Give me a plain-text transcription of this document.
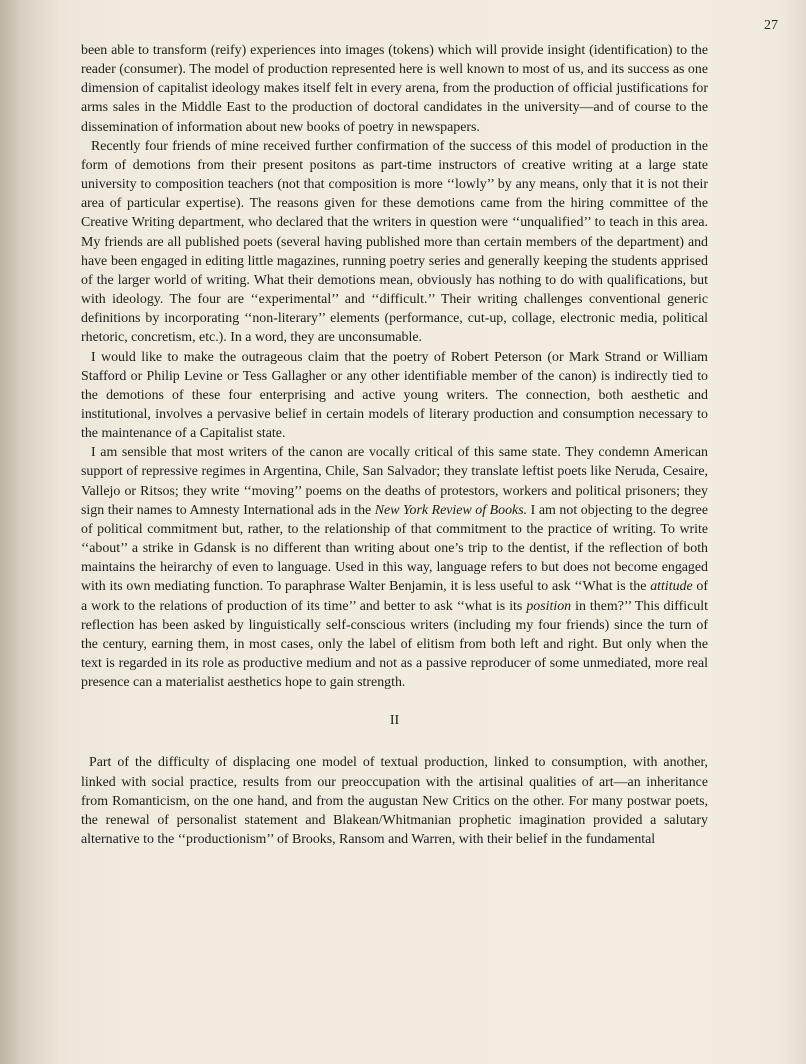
27

been able to transform (reify) experiences into images (tokens) which will provide insight (identification) to the reader (consumer). The model of production represented here is well known to most of us, and its success as one dimension of capitalist ideology makes itself felt in every arena, from the production of official justifications for arms sales in the Middle East to the production of doctoral candidates in the university—and of course to the dissemination of information about new books of poetry in newspapers.

Recently four friends of mine received further confirmation of the success of this model of production in the form of demotions from their present positons as part-time instructors of creative writing at a large state university to composition teachers (not that composition is more ‘‘lowly’’ by any means, only that it is not their area of particular expertise). The reasons given for these demotions came from the hiring committee of the Creative Writing department, who declared that the writers in question were ‘‘unqualified’’ to teach in this area. My friends are all published poets (several having published more than certain members of the department) and have been engaged in editing little magazines, running poetry series and generally keeping the students apprised of the larger world of writing. What their demotions mean, obviously has nothing to do with qualifications, but with ideology. The four are ‘‘experimental’’ and ‘‘difficult.’’ Their writing challenges conventional generic definitions by incorporating ‘‘non-literary’’ elements (performance, cut-up, collage, electronic media, political rhetoric, concretism, etc.). In a word, they are unconsumable.

I would like to make the outrageous claim that the poetry of Robert Peterson (or Mark Strand or William Stafford or Philip Levine or Tess Gallagher or any other identifiable member of the canon) is indirectly tied to the demotions of these four enterprising and active young writers. The connection, both aesthetic and institutional, involves a pervasive belief in certain models of literary production and consumption necessary to the maintenance of a Capitalist state.

I am sensible that most writers of the canon are vocally critical of this same state. They condemn American support of repressive regimes in Argentina, Chile, San Salvador; they translate leftist poets like Neruda, Cesaire, Vallejo or Ritsos; they write ‘‘moving’’ poems on the deaths of protestors, workers and political prisoners; they sign their names to Amnesty International ads in the New York Review of Books. I am not objecting to the degree of political commitment but, rather, to the relationship of that commitment to the practice of writing. To write ‘‘about’’ a strike in Gdansk is no different than writing about one’s trip to the dentist, if the reflection of both maintains the heirarchy of even to language. Used in this way, language refers to but does not become engaged with its own mediating function. To paraphrase Walter Benjamin, it is less useful to ask ‘‘What is the attitude of a work to the relations of production of its time’’ and better to ask ‘‘what is its position in them?’’ This difficult reflection has been asked by linguistically self-conscious writers (including my four friends) since the turn of the century, earning them, in most cases, only the label of elitism from both left and right. But only when the text is regarded in its role as productive medium and not as a passive reproducer of some unmediated, more real presence can a materialist aesthetics hope to gain strength.

II

Part of the difficulty of displacing one model of textual production, linked to consumption, with another, linked with social practice, results from our preoccupation with the artisinal qualities of art—an inheritance from Romanticism, on the one hand, and from the augustan New Critics on the other. For many postwar poets, the renewal of personalist statement and Blakean/Whitmanian prophetic imagination provided a salutary alternative to the ‘‘productionism’’ of Brooks, Ransom and Warren, with their belief in the fundamental
